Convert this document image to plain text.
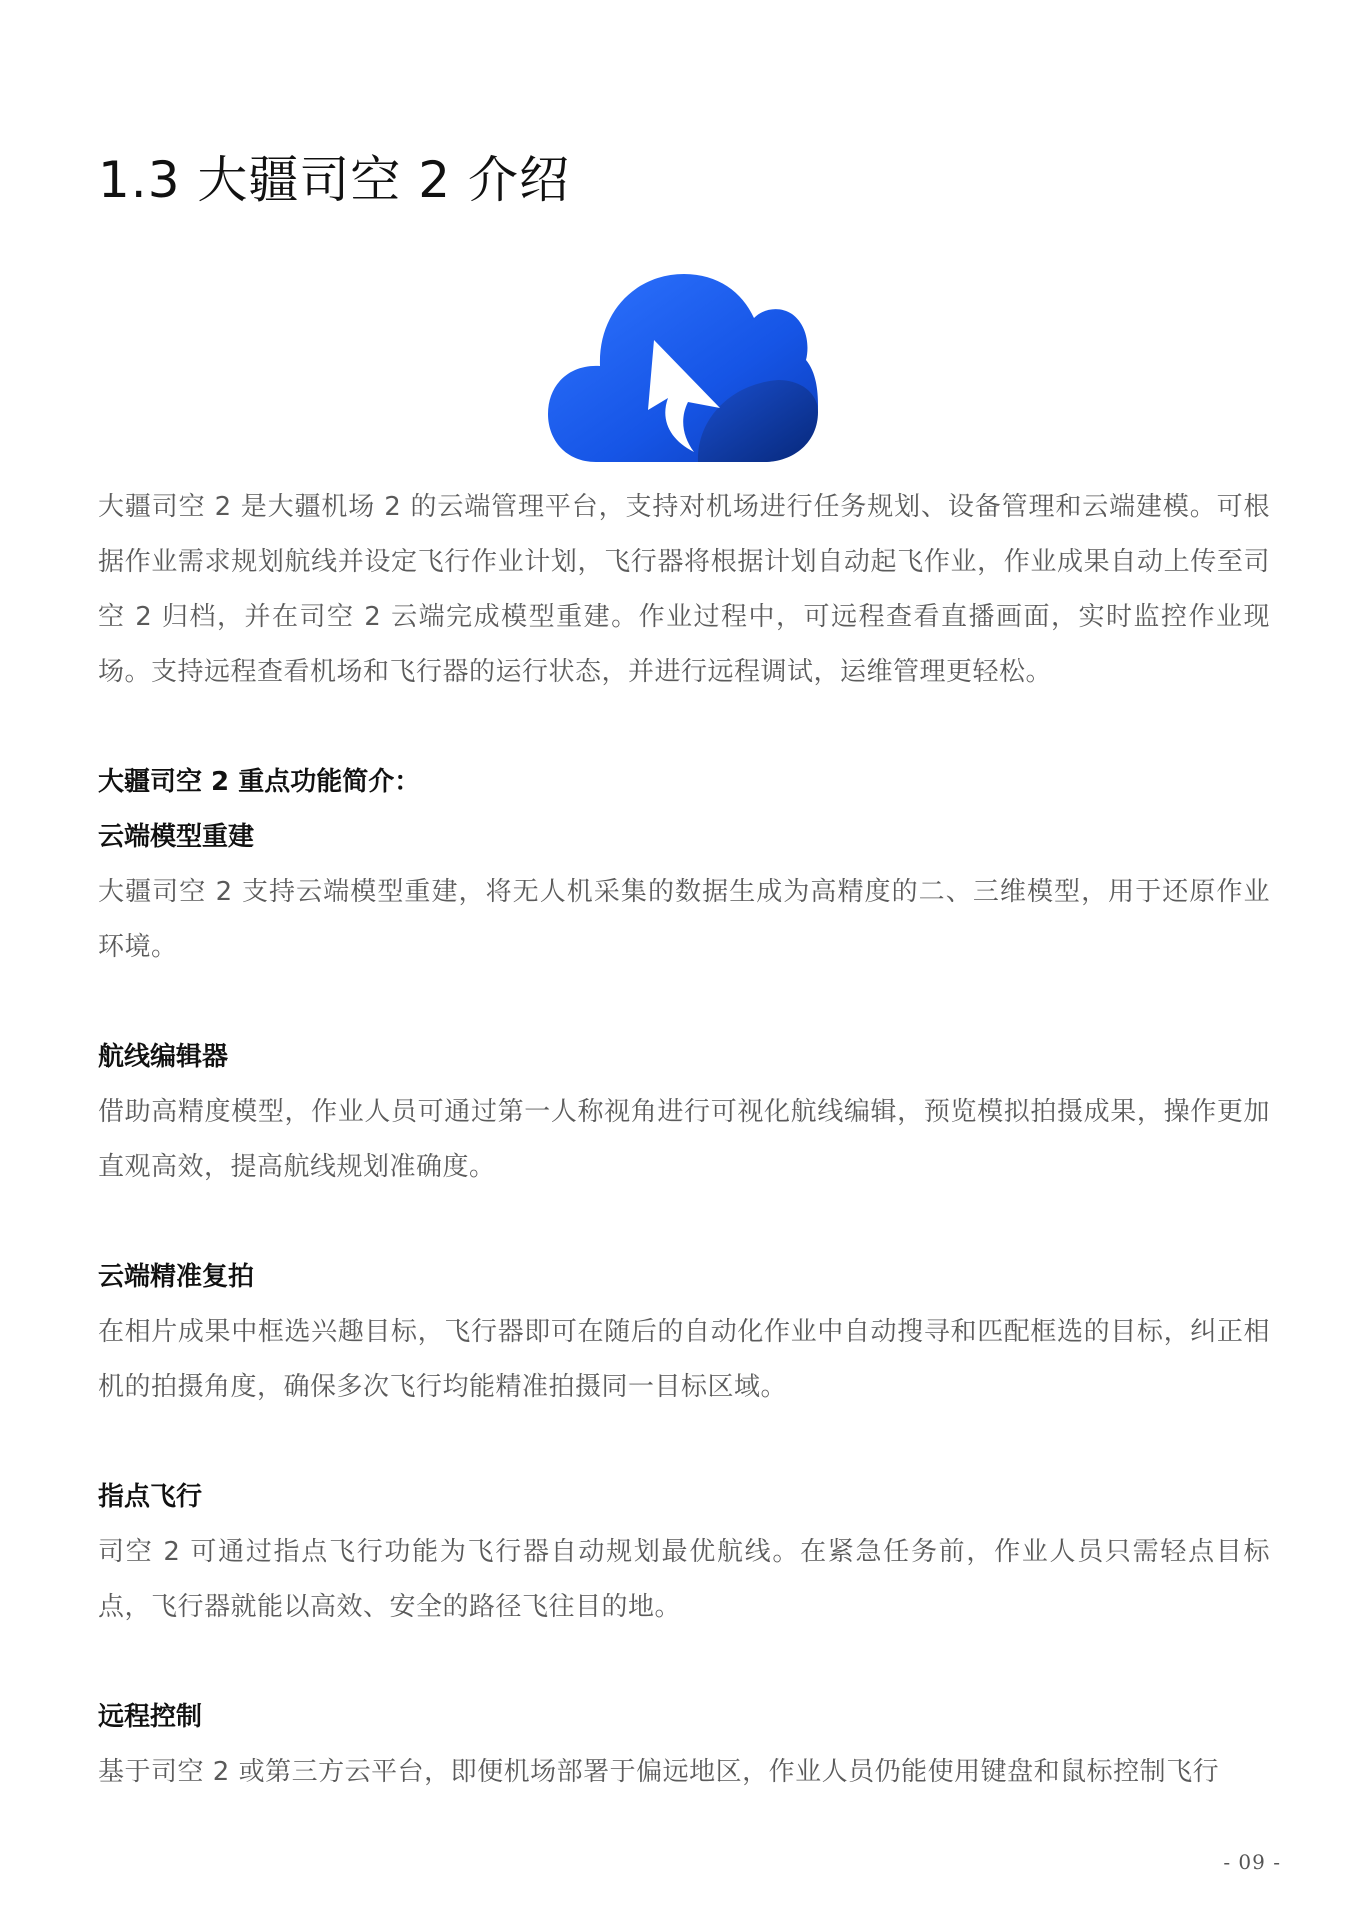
1.3 大疆司空 2 介绍

大疆司空 2 是大疆机场 2 的云端管理平台，支持对机场进行任务规划、设备管理和云端建模。可根据作业需求规划航线并设定飞行作业计划，飞行器将根据计划自动起飞作业，作业成果自动上传至司空 2 归档，并在司空 2 云端完成模型重建。作业过程中，可远程查看直播画面，实时监控作业现场。支持远程查看机场和飞行器的运行状态，并进行远程调试，运维管理更轻松。

大疆司空 2 重点功能简介：
云端模型重建

大疆司空 2 支持云端模型重建，将无人机采集的数据生成为高精度的二、三维模型，用于还原作业环境。

航线编辑器

借助高精度模型，作业人员可通过第一人称视角进行可视化航线编辑，预览模拟拍摄成果，操作更加直观高效，提高航线规划准确度。

云端精准复拍

在相片成果中框选兴趣目标，飞行器即可在随后的自动化作业中自动搜寻和匹配框选的目标，纠正相机的拍摄角度，确保多次飞行均能精准拍摄同一目标区域。

指点飞行

司空 2 可通过指点飞行功能为飞行器自动规划最优航线。在紧急任务前，作业人员只需轻点目标点，飞行器就能以高效、安全的路径飞往目的地。

远程控制

基于司空 2 或第三方云平台，即便机场部署于偏远地区，作业人员仍能使用键盘和鼠标控制飞行

- 09 -
